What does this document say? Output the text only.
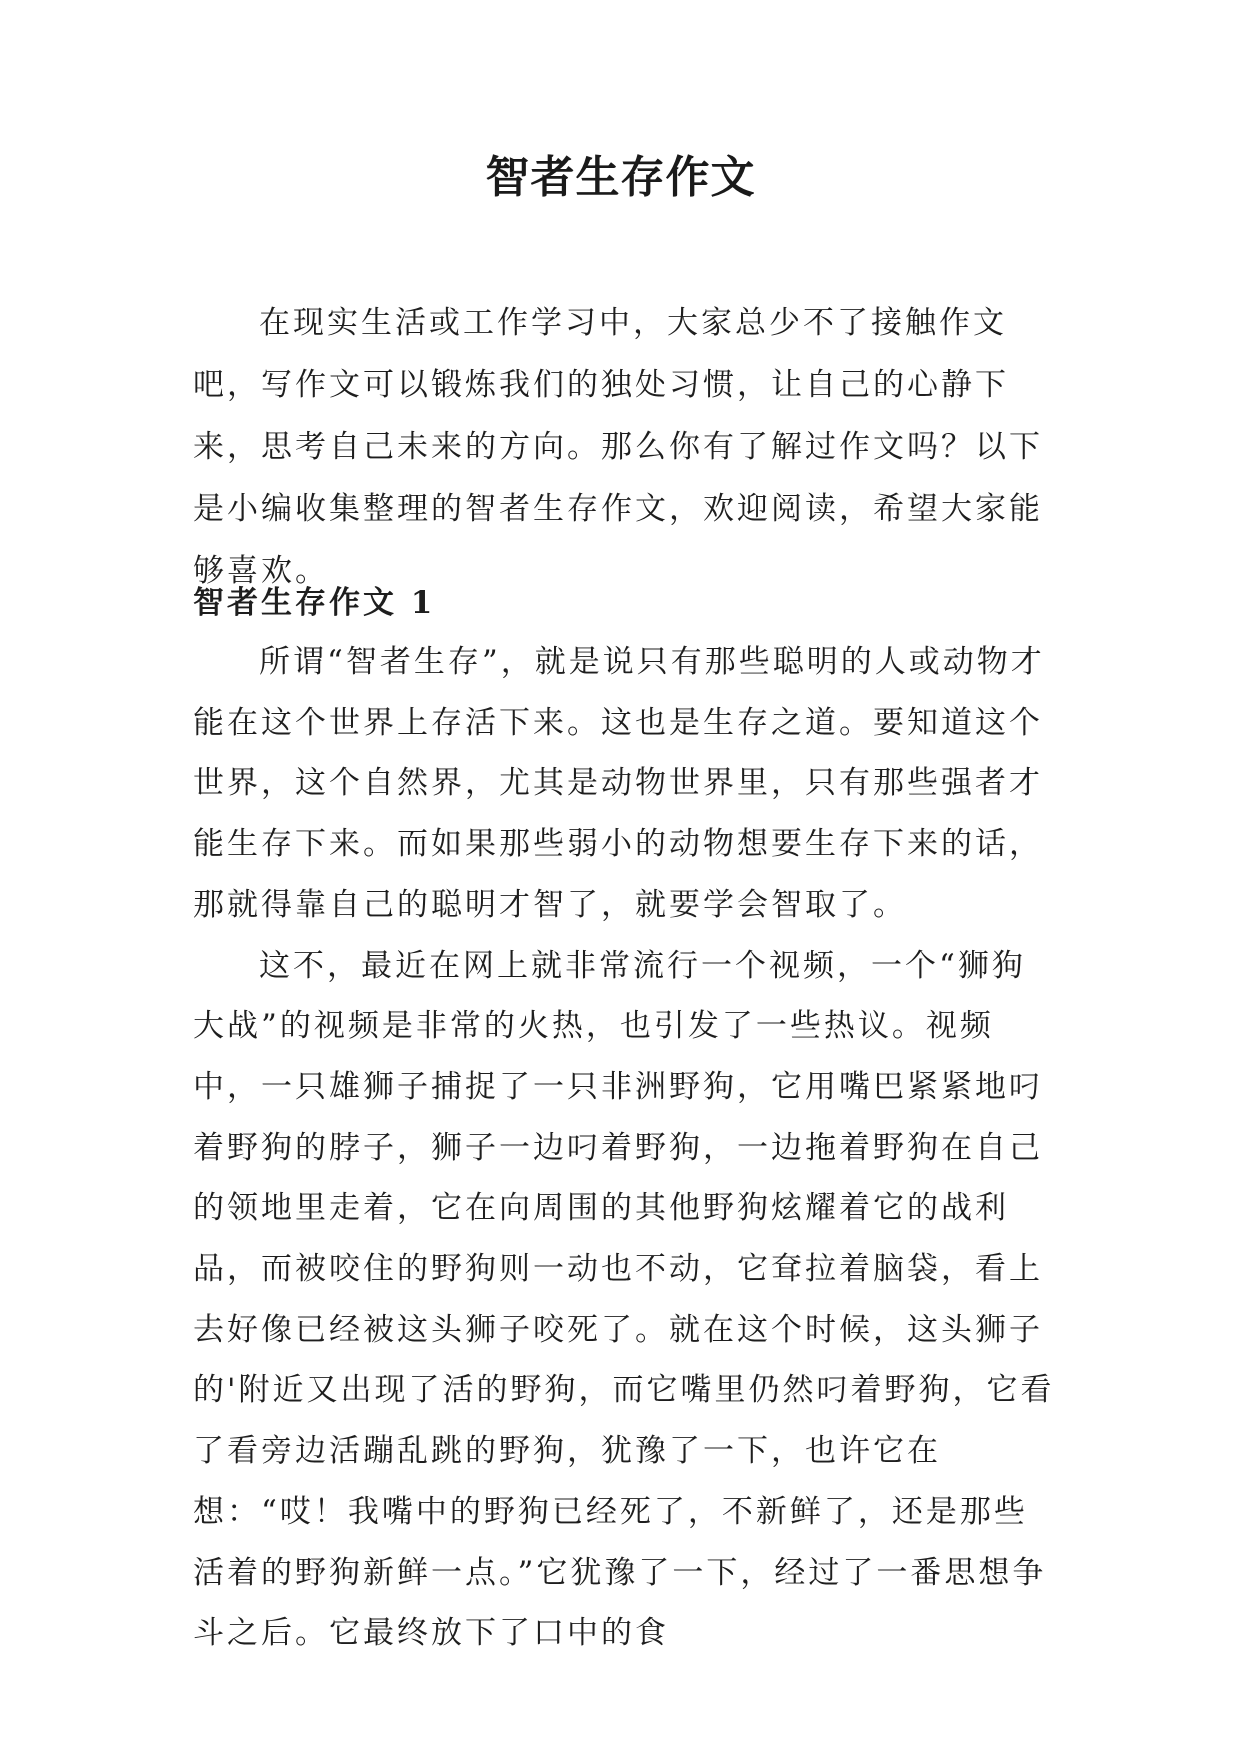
智者生存作文

在现实生活或工作学习中，大家总少不了接触作文吧，写作文可以锻炼我们的独处习惯，让自己的心静下来，思考自己未来的方向。那么你有了解过作文吗？以下是小编收集整理的智者生存作文，欢迎阅读，希望大家能够喜欢。

智者生存作文 1

所谓“智者生存”，就是说只有那些聪明的人或动物才能在这个世界上存活下来。这也是生存之道。要知道这个世界，这个自然界，尤其是动物世界里，只有那些强者才能生存下来。而如果那些弱小的动物想要生存下来的话，那就得靠自己的聪明才智了，就要学会智取了。

这不，最近在网上就非常流行一个视频，一个“狮狗大战”的视频是非常的火热，也引发了一些热议。视频中，一只雄狮子捕捉了一只非洲野狗，它用嘴巴紧紧地叼着野狗的脖子，狮子一边叼着野狗，一边拖着野狗在自己的领地里走着，它在向周围的其他野狗炫耀着它的战利品，而被咬住的野狗则一动也不动，它耷拉着脑袋，看上去好像已经被这头狮子咬死了。就在这个时候，这头狮子的'附近又出现了活的野狗，而它嘴里仍然叼着野狗，它看了看旁边活蹦乱跳的野狗，犹豫了一下，也许它在想：“哎！我嘴中的野狗已经死了，不新鲜了，还是那些活着的野狗新鲜一点。”它犹豫了一下，经过了一番思想争斗之后。它最终放下了口中的食
